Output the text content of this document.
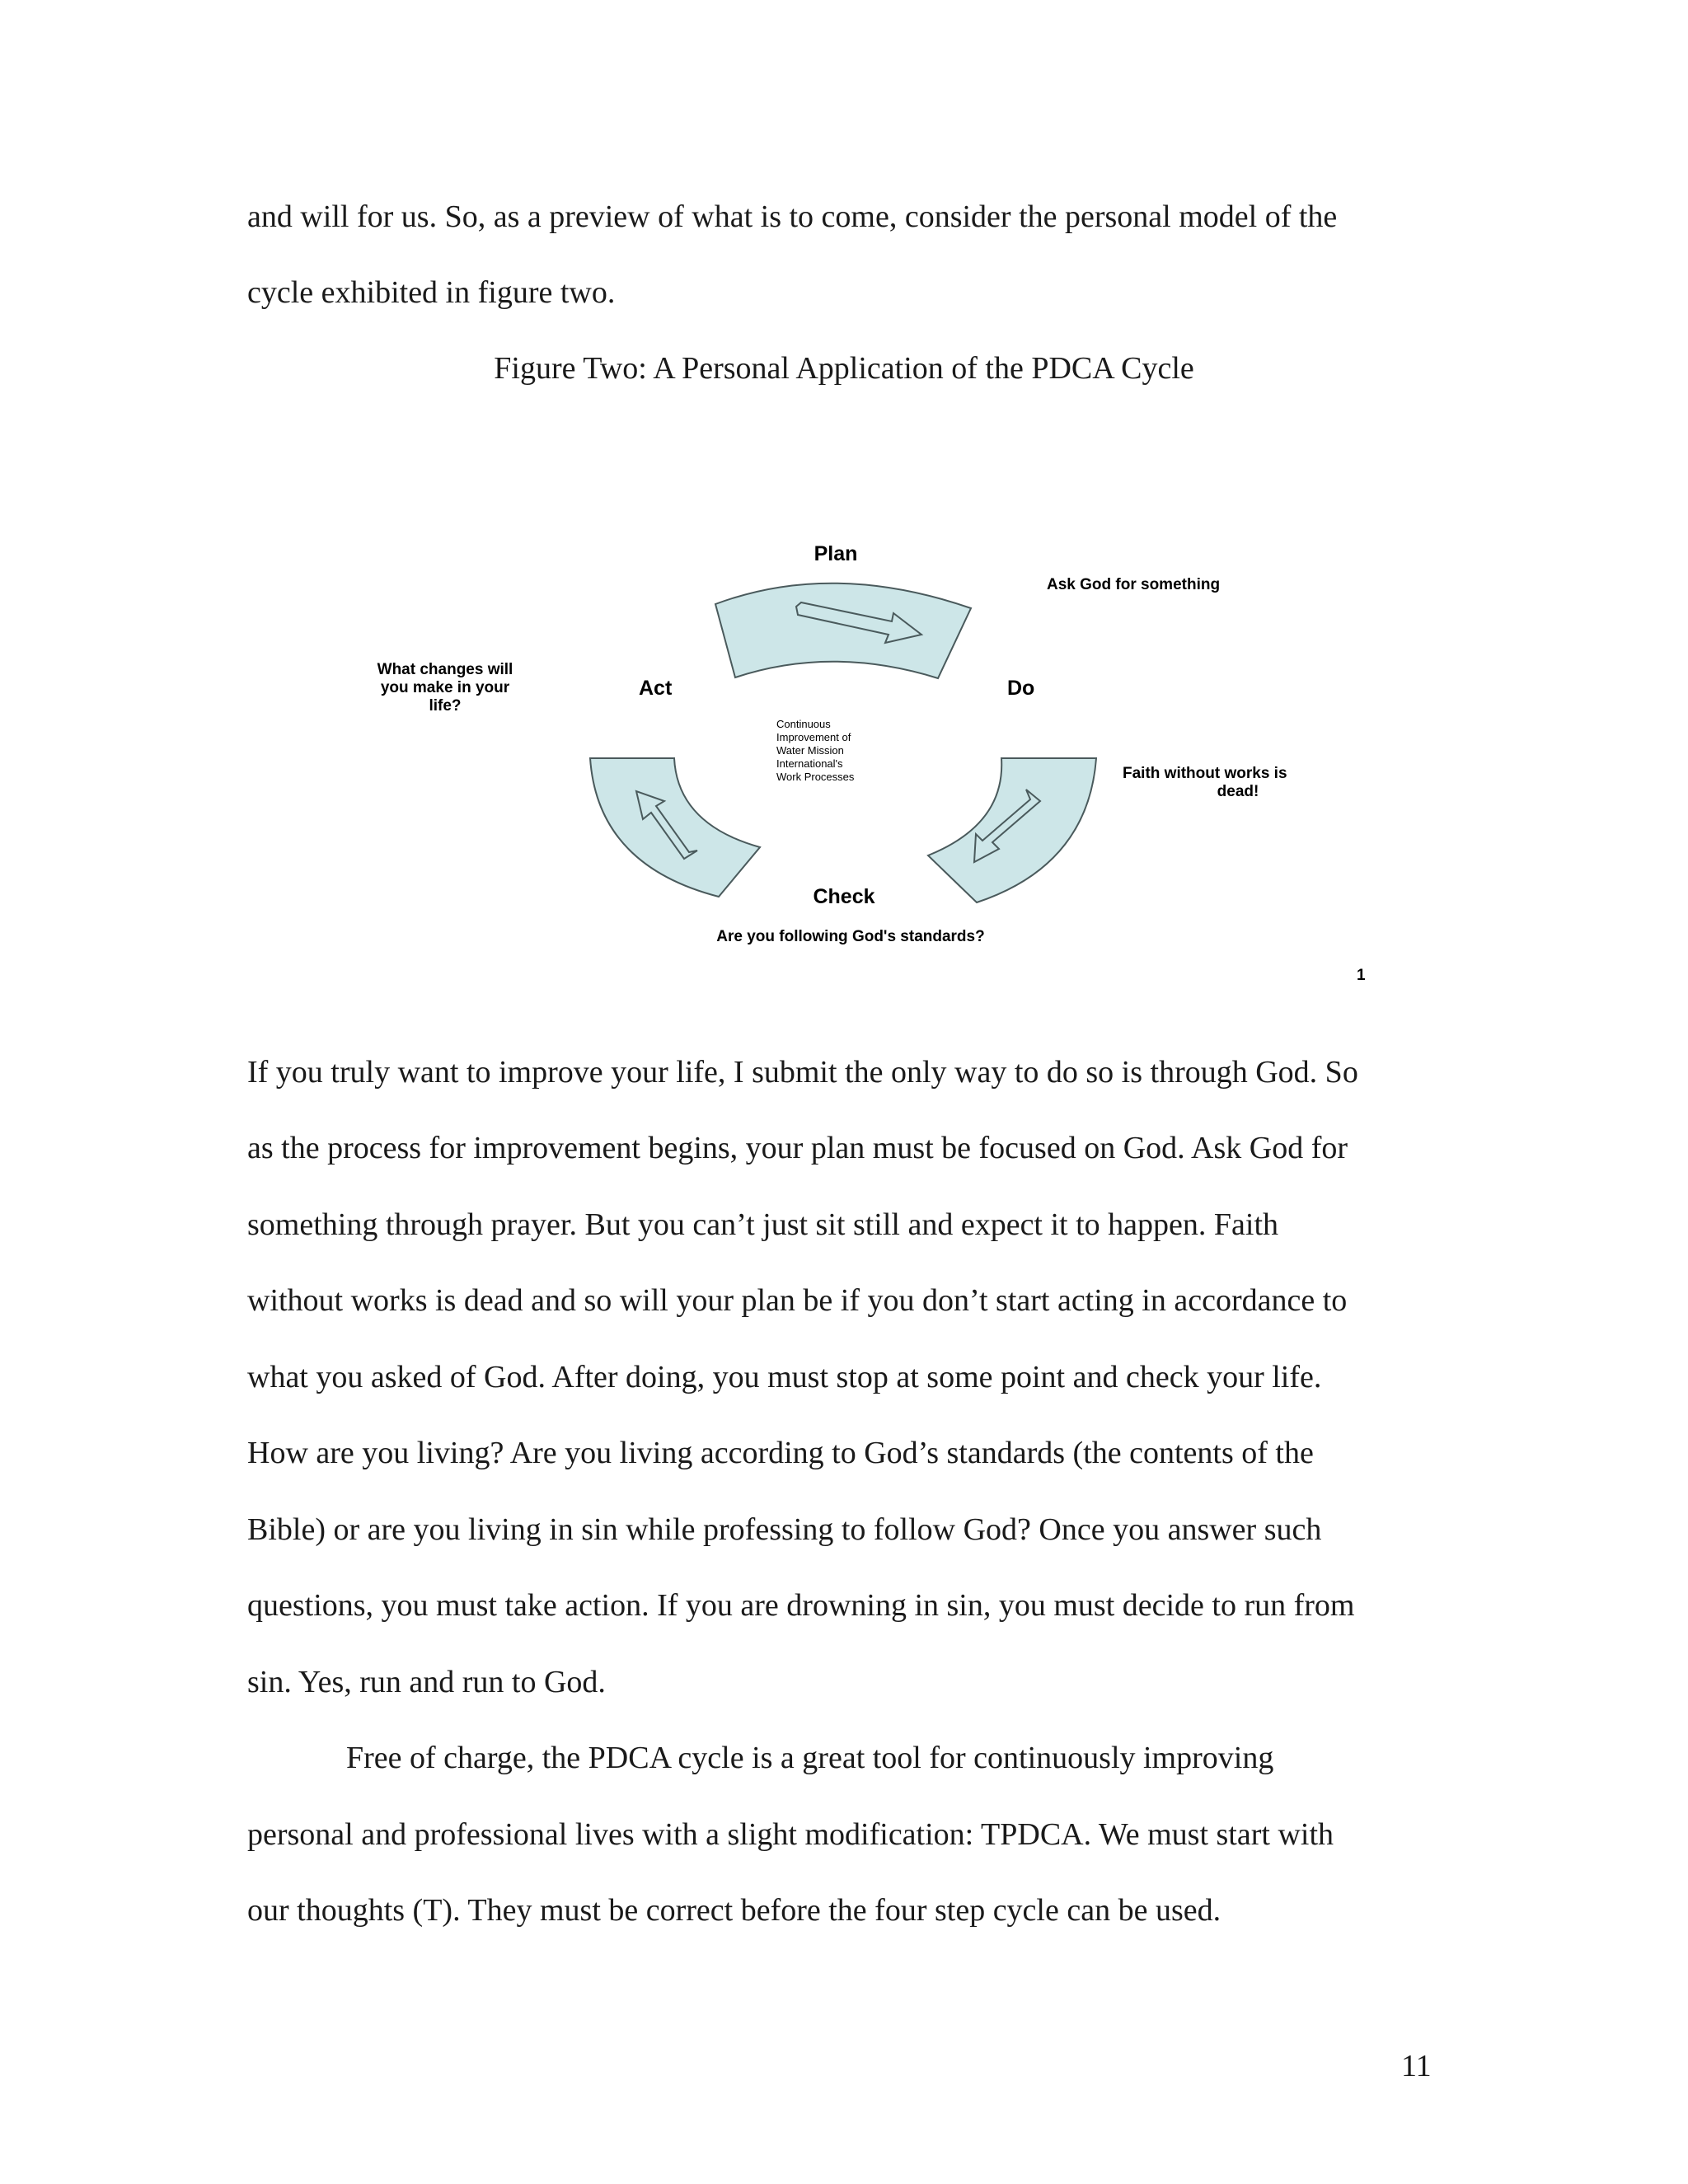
and will for us. So, as a preview of what is to come, consider the personal model of the
cycle exhibited in figure two.
Figure Two: A Personal Application of the PDCA Cycle
Plan
Do
Check
Act
Ask God for something
Faith without works is
dead!
Are you following God's standards?
What changes will
you make in your
life?
Continuous
Improvement of
Water Mission
International's
Work Processes
1
If you truly want to improve your life, I submit the only way to do so is through God. So
as the process for improvement begins, your plan must be focused on God. Ask God for
something through prayer. But you can’t just sit still and expect it to happen. Faith
without works is dead and so will your plan be if you don’t start acting in accordance to
what you asked of God. After doing, you must stop at some point and check your life.
How are you living? Are you living according to God’s standards (the contents of the
Bible) or are you living in sin while professing to follow God? Once you answer such
questions, you must take action. If you are drowning in sin, you must decide to run from
sin. Yes, run and run to God.
Free of charge, the PDCA cycle is a great tool for continuously improving
personal and professional lives with a slight modification: TPDCA. We must start with
our thoughts (T). They must be correct before the four step cycle can be used.
11
